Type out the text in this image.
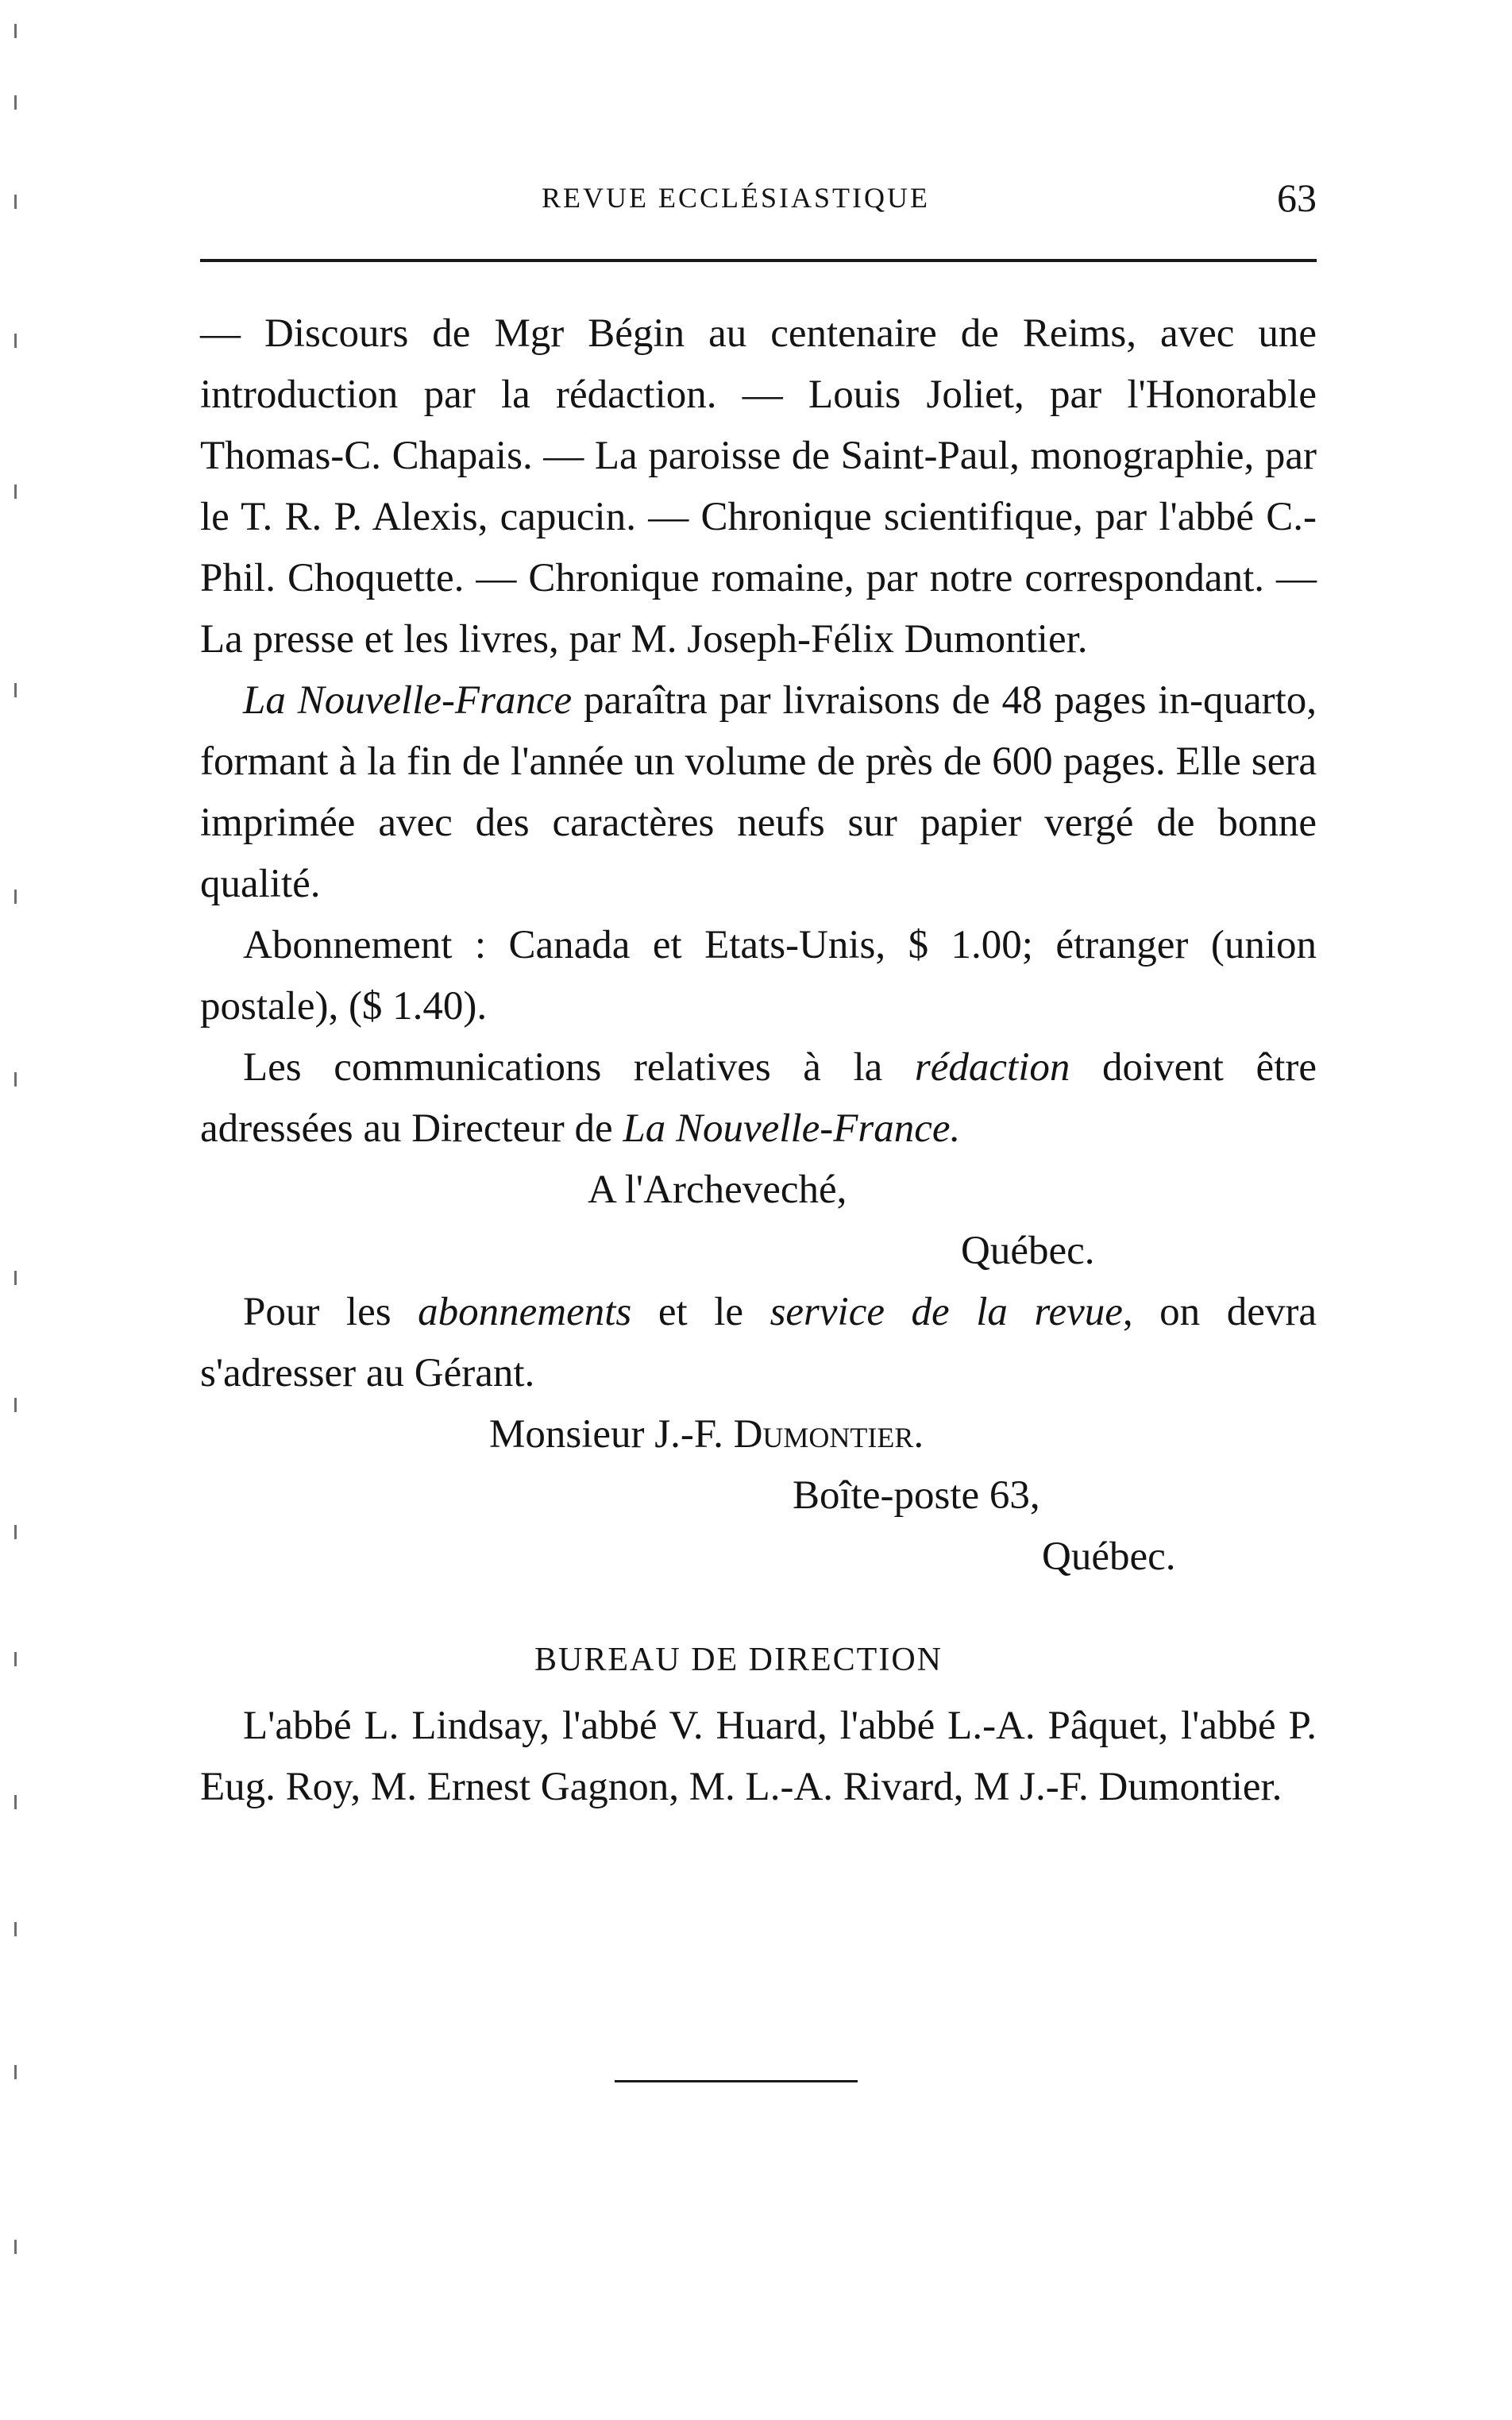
REVUE ECCLÉSIASTIQUE	63

— Discours de Mgr Bégin au centenaire de Reims, avec une introduction par la rédaction. — Louis Joliet, par l'Honorable Thomas-C. Chapais. — La paroisse de Saint-Paul, monographie, par le T. R. P. Alexis, capucin. — Chronique scientifique, par l'abbé C.-Phil. Choquette. — Chronique romaine, par notre correspondant. — La presse et les livres, par M. Joseph-Félix Dumontier.

La Nouvelle-France paraîtra par livraisons de 48 pages in-quarto, formant à la fin de l'année un volume de près de 600 pages. Elle sera imprimée avec des caractères neufs sur papier vergé de bonne qualité.

Abonnement : Canada et Etats-Unis, $ 1.00; étranger (union postale), ($ 1.40).

Les communications relatives à la rédaction doivent être adressées au Directeur de La Nouvelle-France.

A l'Archeveché,

Québec.

Pour les abonnements et le service de la revue, on devra s'adresser au Gérant.

Monsieur J.-F. Dumontier.

Boîte-poste 63,

Québec.

BUREAU DE DIRECTION

L'abbé L. Lindsay, l'abbé V. Huard, l'abbé L.-A. Pâquet, l'abbé P. Eug. Roy, M. Ernest Gagnon, M. L.-A. Rivard, M J.-F. Dumontier.
